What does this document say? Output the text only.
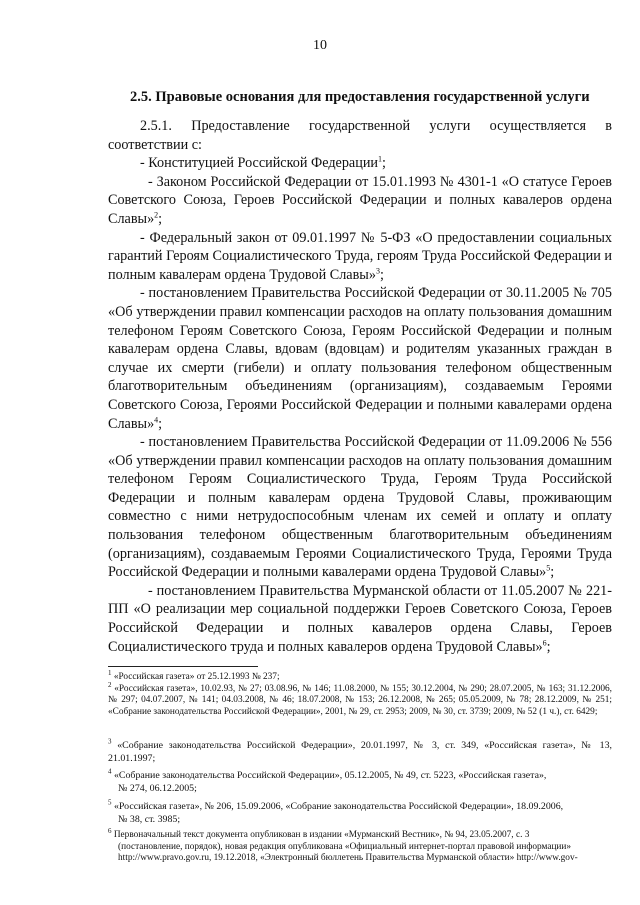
10
2.5. Правовые основания для предоставления государственной услуги

2.5.1. Предоставление государственной услуги осуществляется в соответствии с:

- Конституцией Российской Федерации$^1$;

- Законом Российской Федерации от 15.01.1993 № 4301-1 «О статусе Героев Советского Союза, Героев Российской Федерации и полных кавалеров ордена Славы»$^2$;

- Федеральный закон от 09.01.1997 № 5-ФЗ «О предоставлении социальных гарантий Героям Социалистического Труда, героям Труда Российской Федерации и полным кавалерам ордена Трудовой Славы»$^3$;

- постановлением Правительства Российской Федерации от 30.11.2005 № 705 «Об утверждении правил компенсации расходов на оплату пользования домашним телефоном Героям Советского Союза, Героям Российской Федерации и полным кавалерам ордена Славы, вдовам (вдовцам) и родителям указанных граждан в случае их смерти (гибели) и оплату пользования телефоном общественным благотворительным объединениям (организациям), создаваемым Героями Советского Союза, Героями Российской Федерации и полными кавалерами ордена Славы»$^4$;

- постановлением Правительства Российской Федерации от 11.09.2006 № 556 «Об утверждении правил компенсации расходов на оплату пользования домашним телефоном Героям Социалистического Труда, Героям Труда Российской Федерации и полным кавалерам ордена Трудовой Славы, проживающим совместно с ними нетрудоспособным членам их семей и оплату и оплату пользования телефоном общественным благотворительным объединениям (организациям), создаваемым Героями Социалистического Труда, Героями Труда Российской Федерации и полными кавалерами ордена Трудовой Славы»$^5$;

- постановлением Правительства Мурманской области от 11.05.2007 № 221-ПП «О реализации мер социальной поддержки Героев Советского Союза, Героев Российской Федерации и полных кавалеров ордена Славы, Героев Социалистического труда и полных кавалеров ордена Трудовой Славы»$^6$;

$^1$ «Российская газета» от 25.12.1993 № 237;
$^2$ «Российская газета», 10.02.93, № 27; 03.08.96, № 146; 11.08.2000, № 155; 30.12.2004, № 290; 28.07.2005, № 163; 31.12.2006, № 297; 04.07.2007, № 141; 04.03.2008, № 46; 18.07.2008, № 153; 26.12.2008, № 265; 05.05.2009, № 78; 28.12.2009, № 251; «Собрание законодательства Российской Федерации», 2001, № 29, ст. 2953; 2009, № 30, ст. 3739; 2009, № 52 (1 ч.), ст. 6429;
$^3$ «Собрание законодательства Российской Федерации», 20.01.1997, № 3, ст. 349, «Российская газета», № 13, 21.01.1997;
$^4$ «Собрание законодательства Российской Федерации», 05.12.2005, № 49, ст. 5223, «Российская газета»,
№ 274, 06.12.2005;
$^5$ «Российская газета», № 206, 15.09.2006, «Собрание законодательства Российской Федерации», 18.09.2006,
№ 38, ст. 3985;
$^6$ Первоначальный текст документа опубликован в издании «Мурманский Вестник», № 94, 23.05.2007, с. 3
(постановление, порядок), новая редакция опубликована «Официальный интернет-портал правовой информации»
http://www.pravo.gov.ru, 19.12.2018, «Электронный бюллетень Правительства Мурманской области» http://www.gov-
